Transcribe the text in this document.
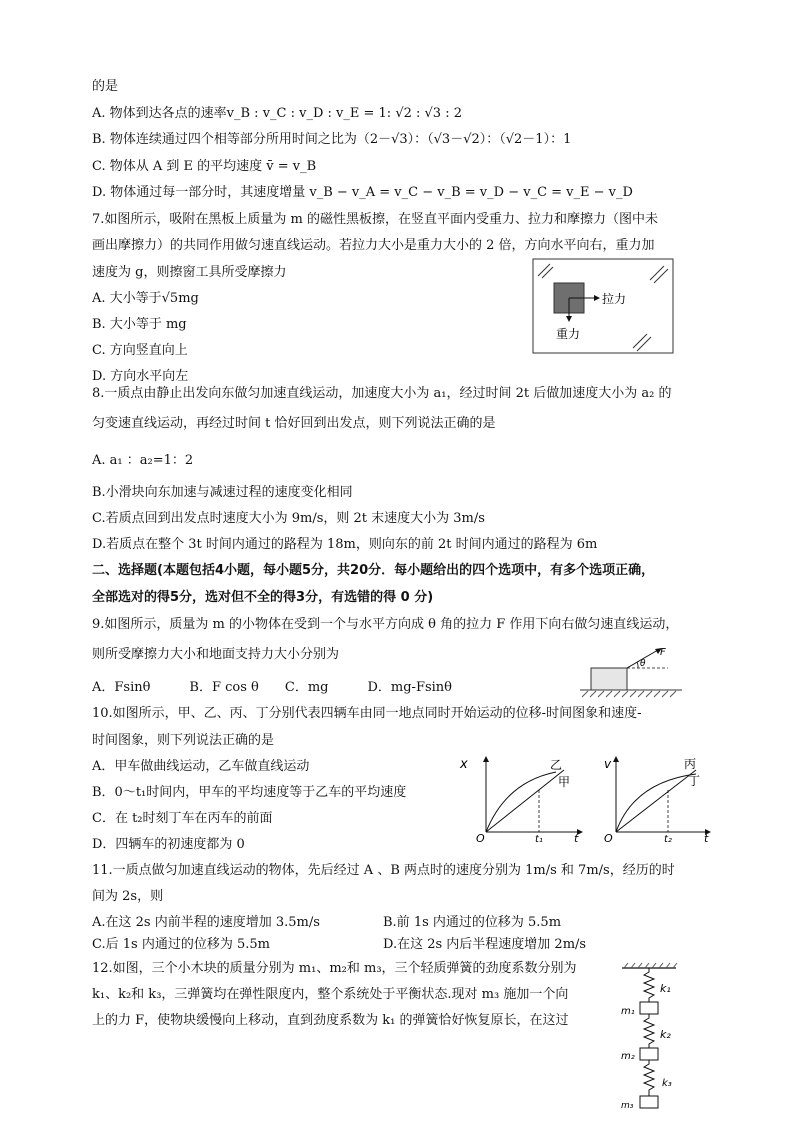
的是
A. 物体到达各点的速率v_B : v_C : v_D : v_E = 1: √2 : √3 : 2
B. 物体连续通过四个相等部分所用时间之比为（2－√3）：（√3－√2）：（√2－1）：1
C. 物体从 A 到 E 的平均速度 v̄ = v_B
D. 物体通过每一部分时，其速度增量 v_B − v_A = v_C − v_B = v_D − v_C = v_E − v_D
7.如图所示，吸附在黑板上质量为 m 的磁性黑板擦，在竖直平面内受重力、拉力和摩擦力（图中未
画出摩擦力）的共同作用做匀速直线运动。若拉力大小是重力大小的 2 倍，方向水平向右，重力加
速度为 g，则擦窗工具所受摩擦力
A. 大小等于√5mg
B. 大小等于 mg
C. 方向竖直向上
D. 方向水平向左
拉力
重力
8.一质点由静止出发向东做匀加速直线运动，加速度大小为 a₁，经过时间 2t 后做加速度大小为 a₂ 的
匀变速直线运动，再经过时间 t 恰好回到出发点，则下列说法正确的是
A. a₁ ：a₂=1：2
B.小滑块向东加速与减速过程的速度变化相同
C.若质点回到出发点时速度大小为 9m/s，则 2t 末速度大小为 3m/s
D.若质点在整个 3t 时间内通过的路程为 18m，则向东的前 2t 时间内通过的路程为 6m
二、选择题(本题包括4小题，每小题5分，共20分．每小题给出的四个选项中，有多个选项正确，
全部选对的得5分，选对但不全的得3分，有选错的得 0 分)
9.如图所示，质量为 m 的小物体在受到一个与水平方向成 θ 角的拉力 F 作用下向右做匀速直线运动，
则所受摩擦力大小和地面支持力大小分别为
A．Fsinθ　　　B．F cos θ　　C．mg　　　D．mg-Fsinθ
F
θ
10.如图所示，甲、乙、丙、丁分别代表四辆车由同一地点同时开始运动的位移-时间图象和速度-
时间图象，则下列说法正确的是
A．甲车做曲线运动，乙车做直线运动
B．0～t₁时间内，甲车的平均速度等于乙车的平均速度
C．在 t₂时刻丁车在丙车的前面
D．四辆车的初速度都为 0
x
O	t
t₁
乙
甲
v
O	t
t₂
丙
丁
11.一质点做匀加速直线运动的物体，先后经过 A 、B 两点时的速度分别为 1m/s 和 7m/s，经历的时
间为 2s，则
A.在这 2s 内前半程的速度增加 3.5m/s	B.前 1s 内通过的位移为 5.5m
C.后 1s 内通过的位移为 5.5m	D.在这 2s 内后半程速度增加 2m/s
12.如图，三个小木块的质量分别为 m₁、m₂和 m₃，三个轻质弹簧的劲度系数分别为
k₁、k₂和 k₃，三弹簧均在弹性限度内，整个系统处于平衡状态.现对 m₃ 施加一个向
上的力 F，使物块缓慢向上移动，直到劲度系数为 k₁ 的弹簧恰好恢复原长，在这过
k₁
k₂
k₃
m₁
m₂
m₃
